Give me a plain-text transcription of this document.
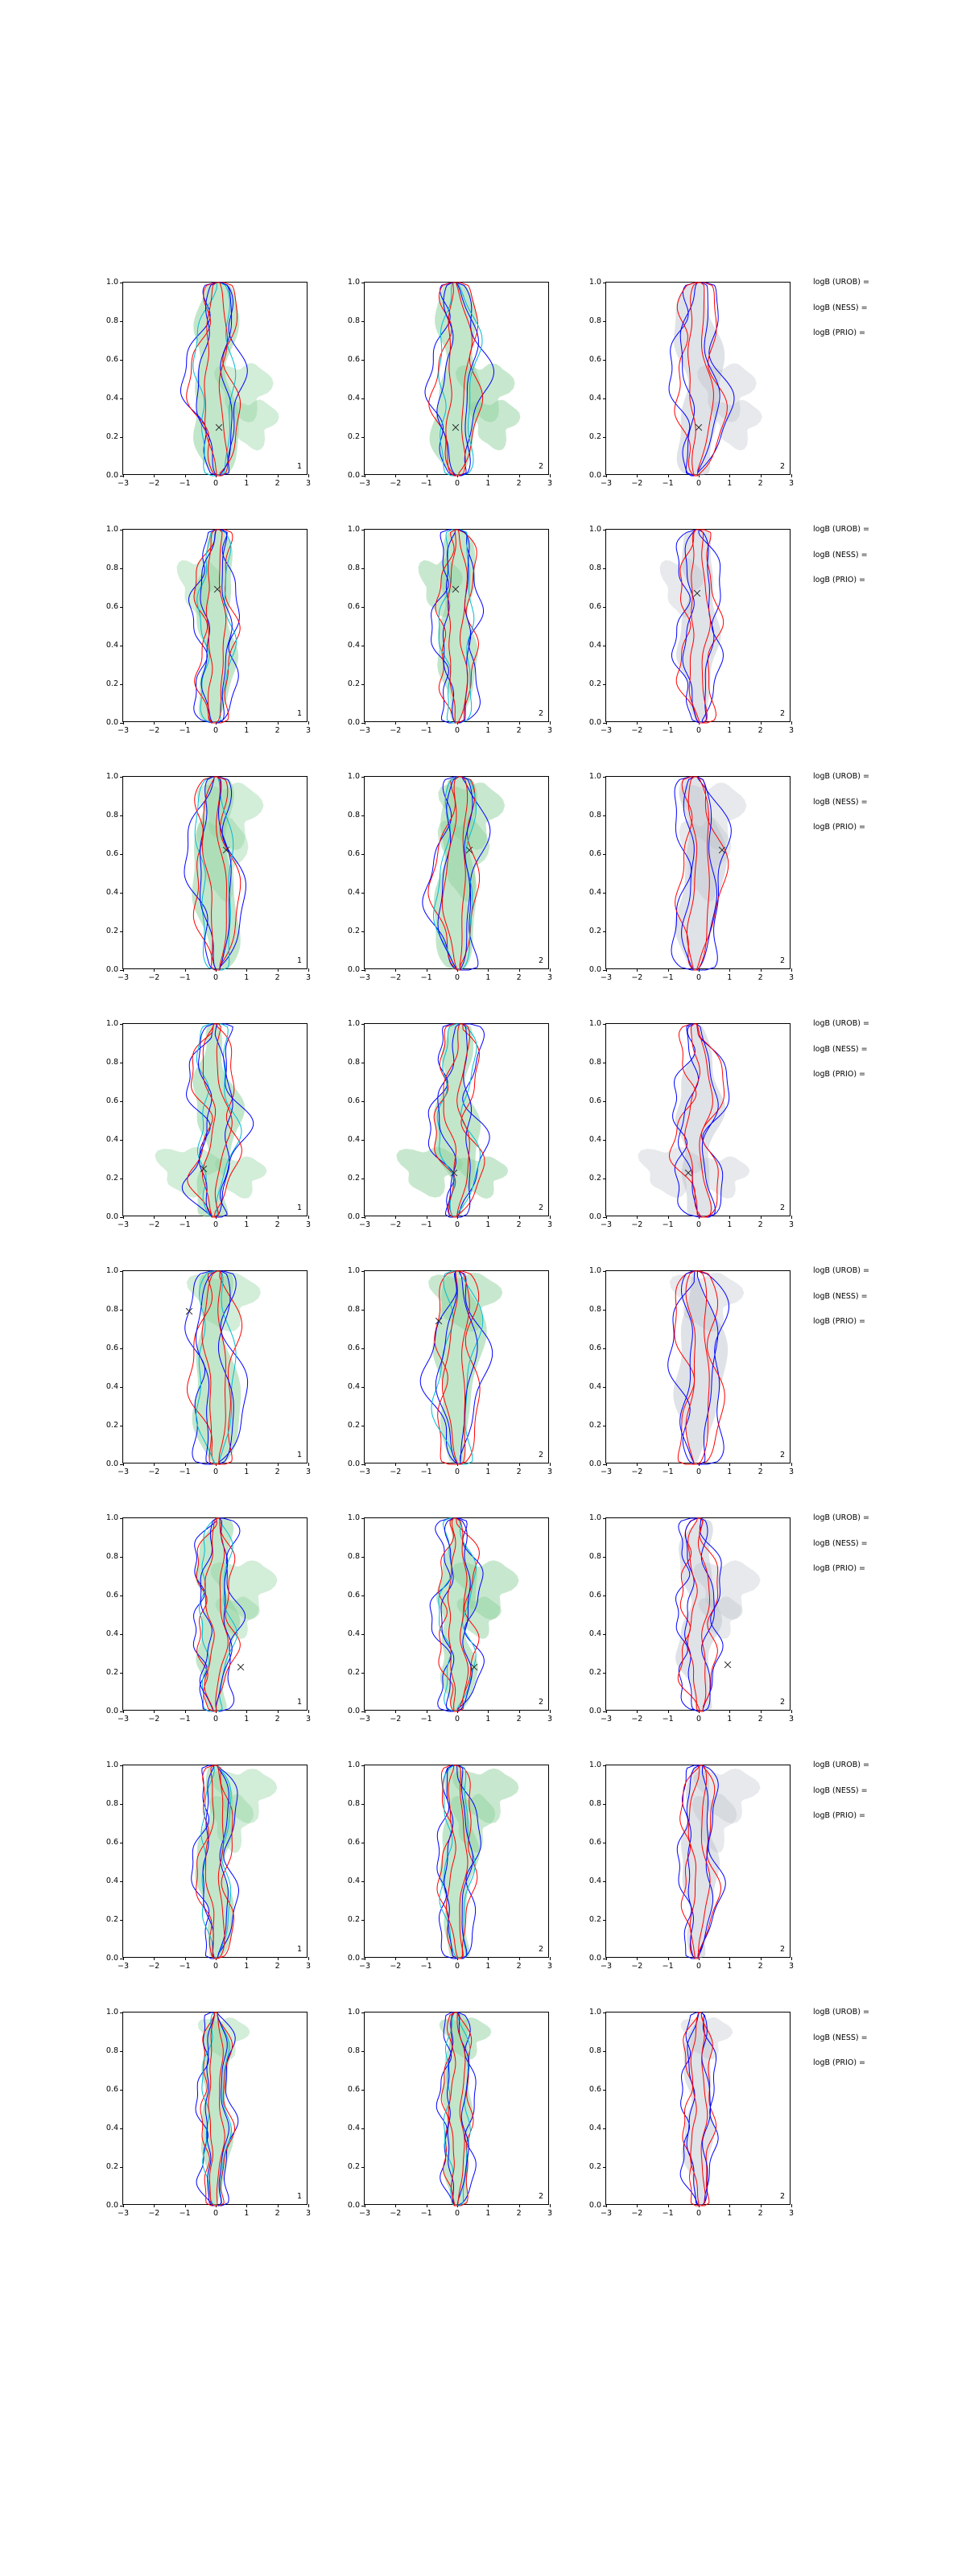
0.0
0.2
0.4
0.6
0.8
1.0
−3	−2	−1	0	1	2	3
1
0.0
0.2
0.4
0.6
0.8
1.0
−3	−2	−1	0	1	2	3
2
0.0
0.2
0.4
0.6
0.8
1.0
−3	−2	−1	0	1	2	3
2
logB (UROB) =
logB (NESS) =
logB (PRIO) =
0.0
0.2
0.4
0.6
0.8
1.0
−3	−2	−1	0	1	2	3
1
0.0
0.2
0.4
0.6
0.8
1.0
−3	−2	−1	0	1	2	3
2
0.0
0.2
0.4
0.6
0.8
1.0
−3	−2	−1	0	1	2	3
2
logB (UROB) =
logB (NESS) =
logB (PRIO) =
0.0
0.2
0.4
0.6
0.8
1.0
−3	−2	−1	0	1	2	3
1
0.0
0.2
0.4
0.6
0.8
1.0
−3	−2	−1	0	1	2	3
2
0.0
0.2
0.4
0.6
0.8
1.0
−3	−2	−1	0	1	2	3
2
logB (UROB) =
logB (NESS) =
logB (PRIO) =
0.0
0.2
0.4
0.6
0.8
1.0
−3	−2	−1	0	1	2	3
1
0.0
0.2
0.4
0.6
0.8
1.0
−3	−2	−1	0	1	2	3
2
0.0
0.2
0.4
0.6
0.8
1.0
−3	−2	−1	0	1	2	3
2
logB (UROB) =
logB (NESS) =
logB (PRIO) =
0.0
0.2
0.4
0.6
0.8
1.0
−3	−2	−1	0	1	2	3
1
0.0
0.2
0.4
0.6
0.8
1.0
−3	−2	−1	0	1	2	3
2
0.0
0.2
0.4
0.6
0.8
1.0
−3	−2	−1	0	1	2	3
2
logB (UROB) =
logB (NESS) =
logB (PRIO) =
0.0
0.2
0.4
0.6
0.8
1.0
−3	−2	−1	0	1	2	3
1
0.0
0.2
0.4
0.6
0.8
1.0
−3	−2	−1	0	1	2	3
2
0.0
0.2
0.4
0.6
0.8
1.0
−3	−2	−1	0	1	2	3
2
logB (UROB) =
logB (NESS) =
logB (PRIO) =
0.0
0.2
0.4
0.6
0.8
1.0
−3	−2	−1	0	1	2	3
1
0.0
0.2
0.4
0.6
0.8
1.0
−3	−2	−1	0	1	2	3
2
0.0
0.2
0.4
0.6
0.8
1.0
−3	−2	−1	0	1	2	3
2
logB (UROB) =
logB (NESS) =
logB (PRIO) =
0.0
0.2
0.4
0.6
0.8
1.0
−3	−2	−1	0	1	2	3
1
0.0
0.2
0.4
0.6
0.8
1.0
−3	−2	−1	0	1	2	3
2
0.0
0.2
0.4
0.6
0.8
1.0
−3	−2	−1	0	1	2	3
2
logB (UROB) =
logB (NESS) =
logB (PRIO) =
